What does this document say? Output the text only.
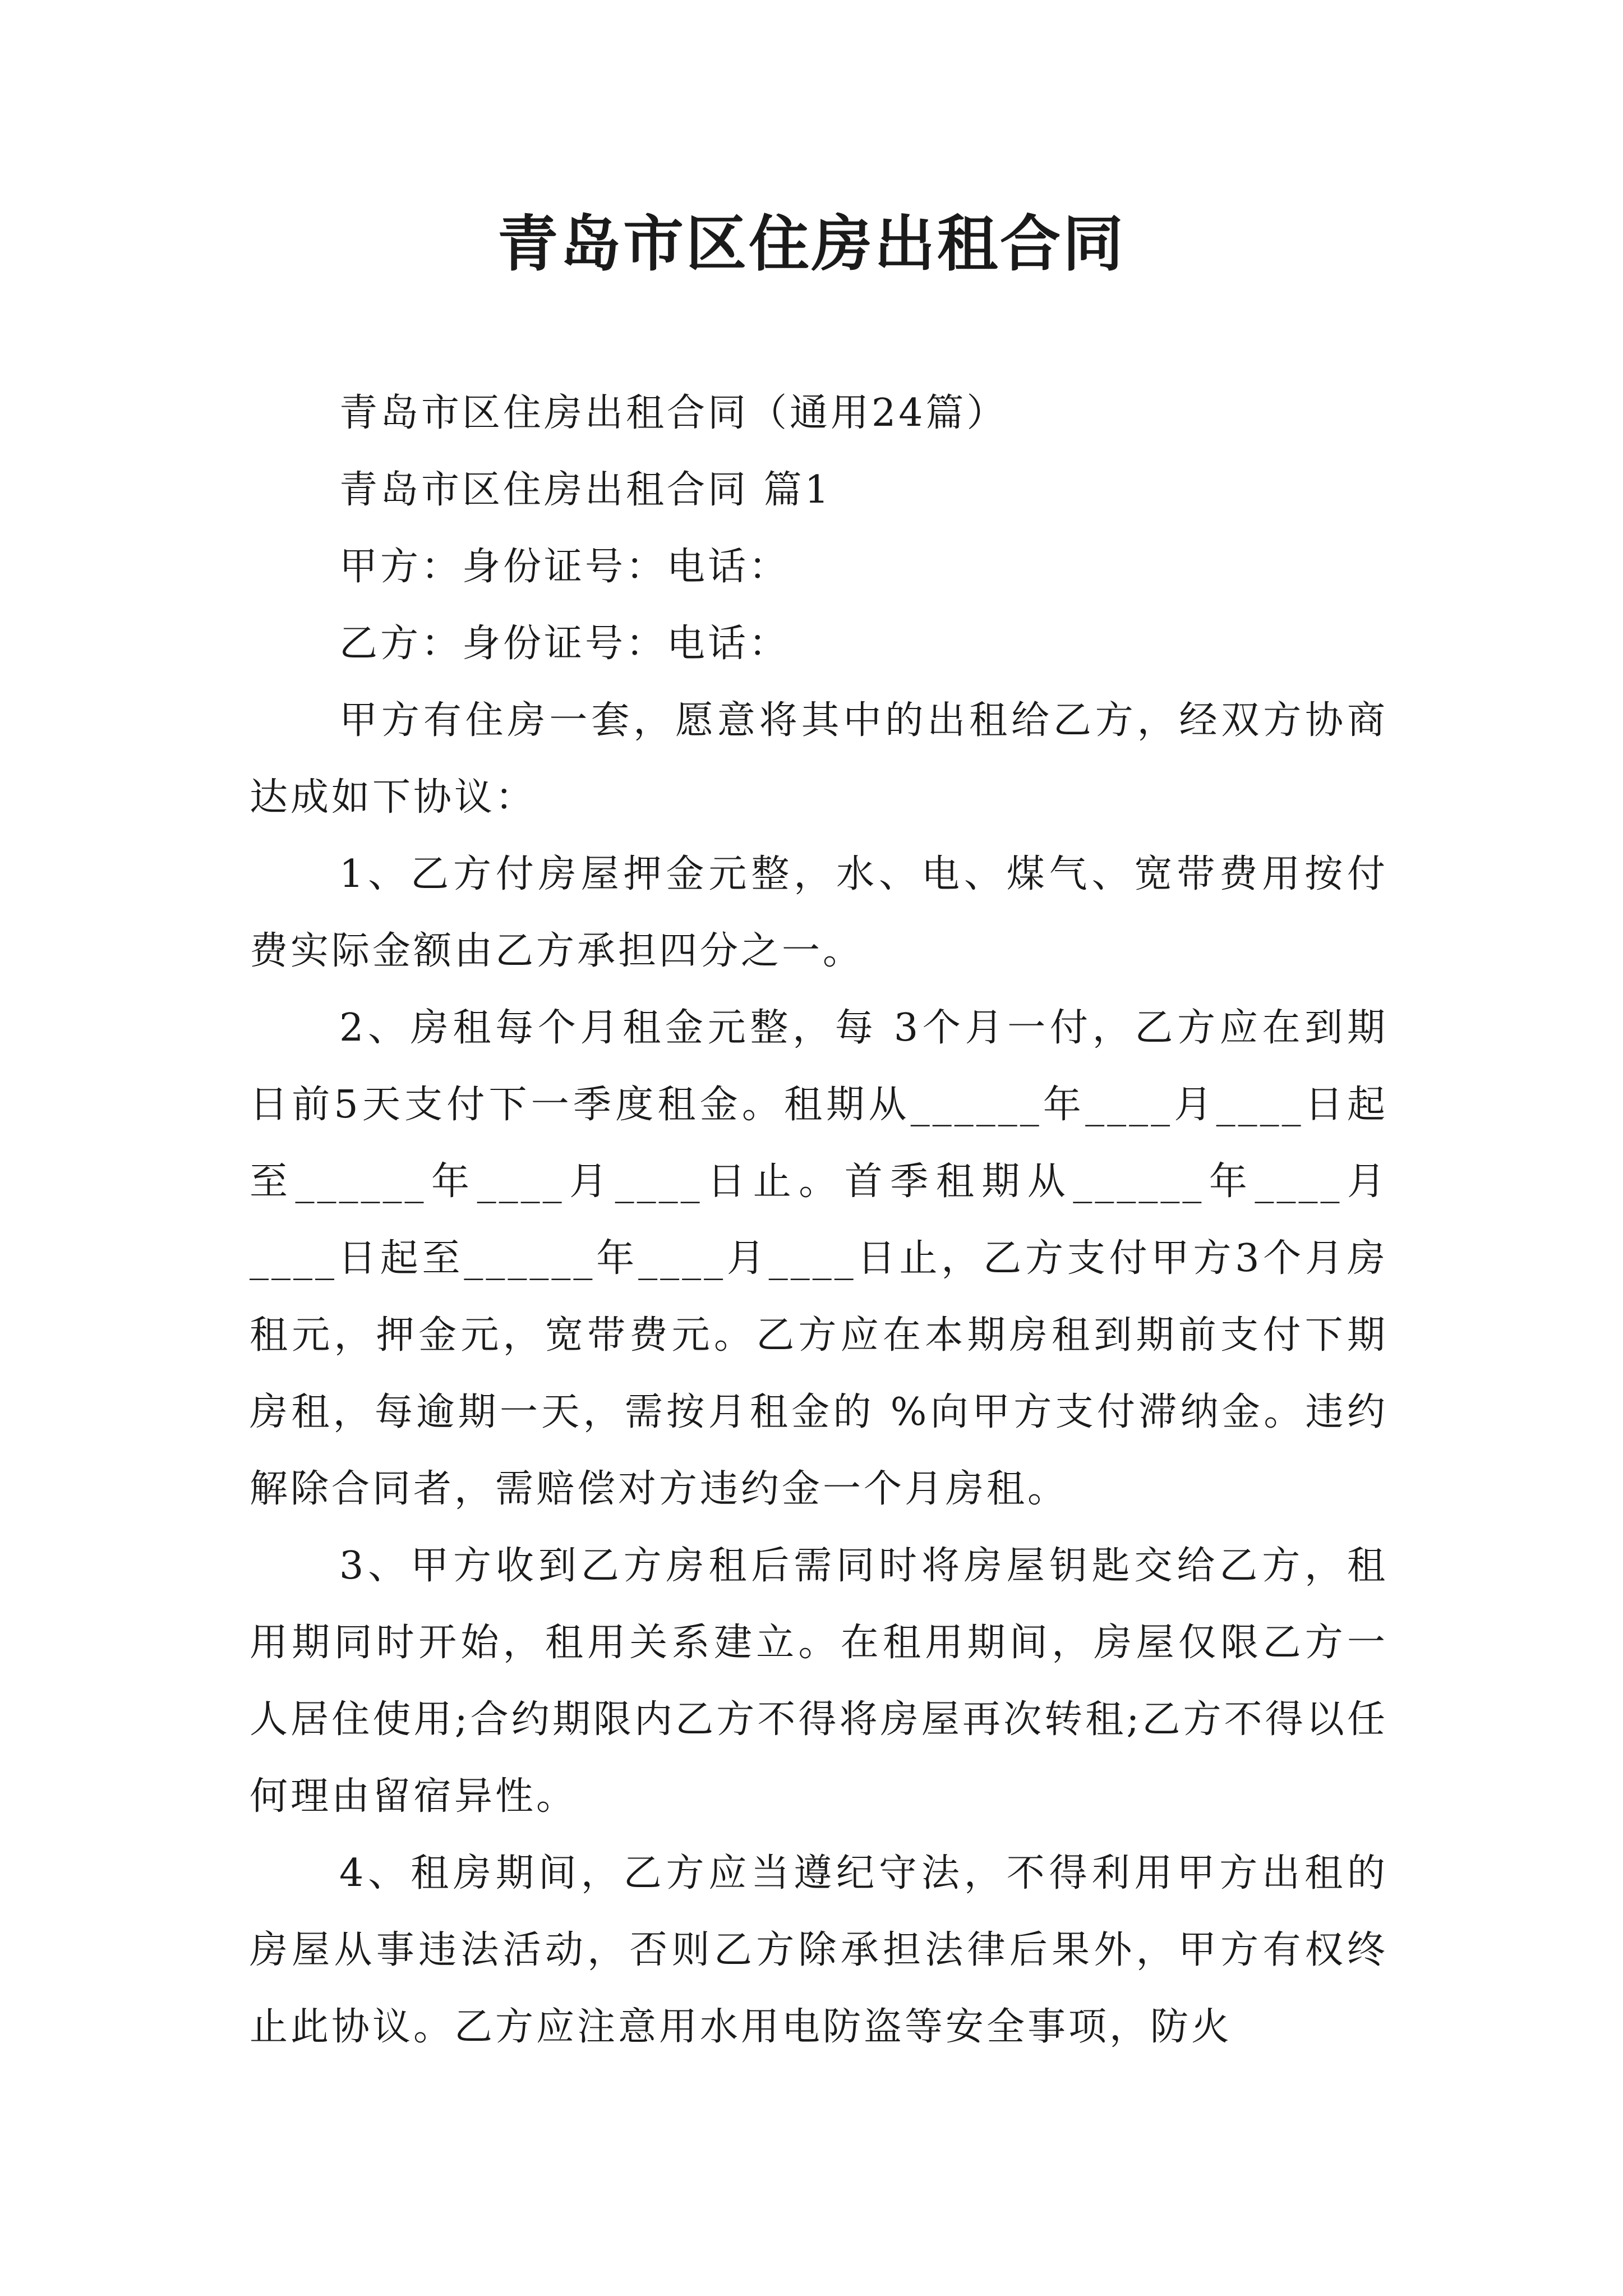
青岛市区住房出租合同

青岛市区住房出租合同（通用24篇）

青岛市区住房出租合同 篇1

甲方：身份证号：电话：

乙方：身份证号：电话：

甲方有住房一套，愿意将其中的出租给乙方，经双方协商达成如下协议：

1、乙方付房屋押金元整，水、电、煤气、宽带费用按付费实际金额由乙方承担四分之一。

2、房租每个月租金元整，每 3个月一付，乙方应在到期日前5天支付下一季度租金。租期从______年____月____日起至______年____月____日止。首季租期从______年____月____日起至______年____月____日止，乙方支付甲方3个月房租元，押金元，宽带费元。乙方应在本期房租到期前支付下期房租，每逾期一天，需按月租金的 %向甲方支付滞纳金。违约解除合同者，需赔偿对方违约金一个月房租。

3、甲方收到乙方房租后需同时将房屋钥匙交给乙方，租用期同时开始，租用关系建立。在租用期间，房屋仅限乙方一人居住使用;合约期限内乙方不得将房屋再次转租;乙方不得以任何理由留宿异性。

4、租房期间，乙方应当遵纪守法，不得利用甲方出租的房屋从事违法活动，否则乙方除承担法律后果外，甲方有权终止此协议。乙方应注意用水用电防盗等安全事项，防火
